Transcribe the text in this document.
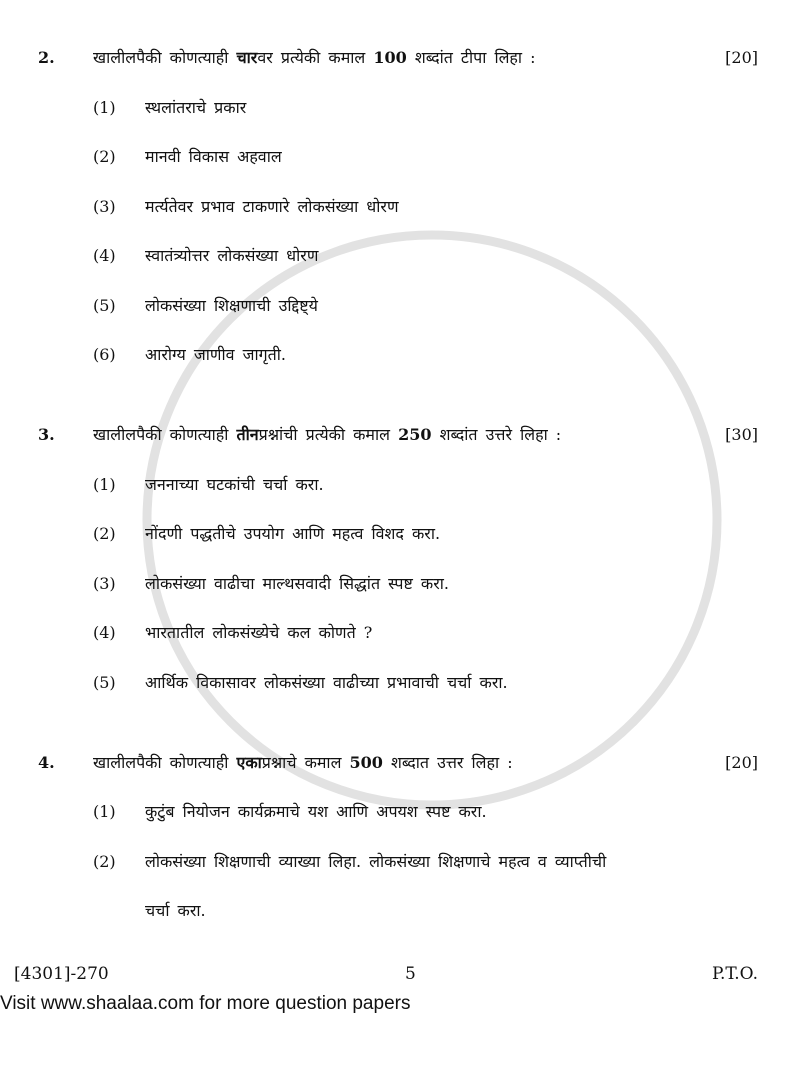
2.	खालीलपैकी कोणत्याही चारवर प्रत्येकी कमाल 100 शब्दांत टीपा लिहा :	[20]
(1)	स्थलांतराचे प्रकार
(2)	मानवी विकास अहवाल
(3)	मर्त्यतेवर प्रभाव टाकणारे लोकसंख्या धोरण
(4)	स्वातंत्र्योत्तर लोकसंख्या धोरण
(5)	लोकसंख्या शिक्षणाची उद्दिष्ट्ये
(6)	आरोग्य जाणीव जागृती.
3.	खालीलपैकी कोणत्याही तीनप्रश्नांची प्रत्येकी कमाल 250 शब्दांत उत्तरे लिहा :	[30]
(1)	जननाच्या घटकांची चर्चा करा.
(2)	नोंदणी पद्धतीचे उपयोग आणि महत्व विशद करा.
(3)	लोकसंख्या वाढीचा माल्थसवादी सिद्धांत स्पष्ट करा.
(4)	भारतातील लोकसंख्येचे कल कोणते ?
(5)	आर्थिक विकासावर लोकसंख्या वाढीच्या प्रभावाची चर्चा करा.
4.	खालीलपैकी कोणत्याही एकाप्रश्नाचे कमाल 500 शब्दात उत्तर लिहा :	[20]
(1)	कुटुंब नियोजन कार्यक्रमाचे यश आणि अपयश स्पष्ट करा.
(2)	लोकसंख्या शिक्षणाची व्याख्या लिहा. लोकसंख्या शिक्षणाचे महत्व व व्याप्तीची
चर्चा करा.
[4301]-270	5	P.T.O.
Visit www.shaalaa.com for more question papers
